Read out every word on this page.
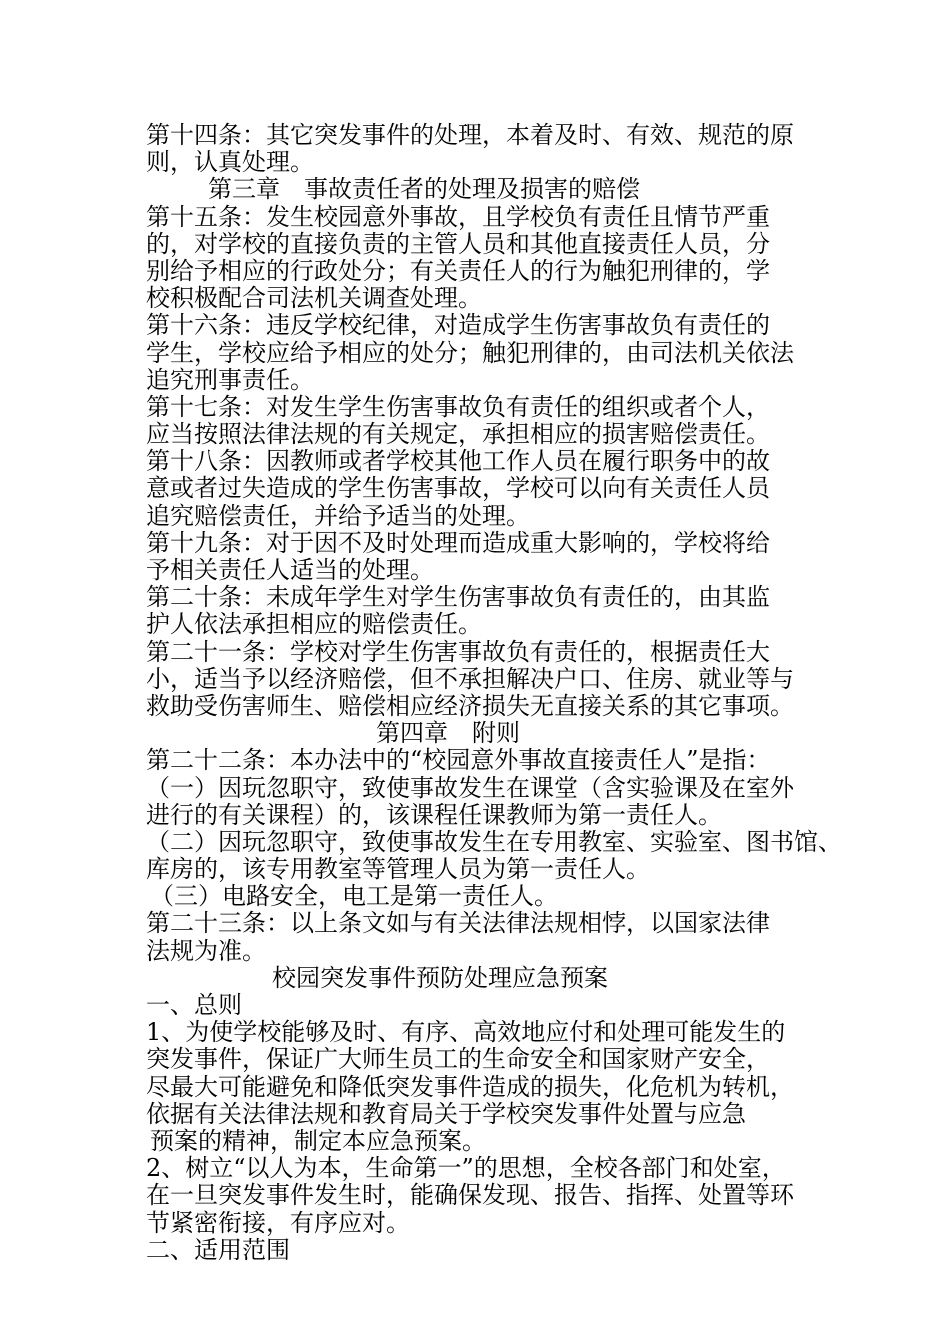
第十四条：其它突发事件的处理，本着及时、有效、规范的原
则，认真处理。
第三章　事故责任者的处理及损害的赔偿
第十五条：发生校园意外事故，且学校负有责任且情节严重
的，对学校的直接负责的主管人员和其他直接责任人员，分
别给予相应的行政处分；有关责任人的行为触犯刑律的，学
校积极配合司法机关调查处理。
第十六条：违反学校纪律，对造成学生伤害事故负有责任的
学生，学校应给予相应的处分；触犯刑律的，由司法机关依法
追究刑事责任。
第十七条：对发生学生伤害事故负有责任的组织或者个人，
应当按照法律法规的有关规定，承担相应的损害赔偿责任。
第十八条：因教师或者学校其他工作人员在履行职务中的故
意或者过失造成的学生伤害事故，学校可以向有关责任人员
追究赔偿责任，并给予适当的处理。
第十九条：对于因不及时处理而造成重大影响的，学校将给
予相关责任人适当的处理。
第二十条：未成年学生对学生伤害事故负有责任的，由其监
护人依法承担相应的赔偿责任。
第二十一条：学校对学生伤害事故负有责任的，根据责任大
小，适当予以经济赔偿，但不承担解决户口、住房、就业等与
救助受伤害师生、赔偿相应经济损失无直接关系的其它事项。
第四章　附则
第二十二条：本办法中的“校园意外事故直接责任人”是指：
（一）因玩忽职守，致使事故发生在课堂（含实验课及在室外
进行的有关课程）的，该课程任课教师为第一责任人。
（二）因玩忽职守，致使事故发生在专用教室、实验室、图书馆、
库房的，该专用教室等管理人员为第一责任人。
（三）电路安全，电工是第一责任人。
第二十三条：以上条文如与有关法律法规相悖，以国家法律
法规为准。
校园突发事件预防处理应急预案
一、总则
1、为使学校能够及时、有序、高效地应付和处理可能发生的
突发事件，保证广大师生员工的生命安全和国家财产安全，
尽最大可能避免和降低突发事件造成的损失，化危机为转机，
依据有关法律法规和教育局关于学校突发事件处置与应急
预案的精神，制定本应急预案。
2、树立“以人为本，生命第一”的思想，全校各部门和处室，
在一旦突发事件发生时，能确保发现、报告、指挥、处置等环
节紧密衔接，有序应对。
二、适用范围
